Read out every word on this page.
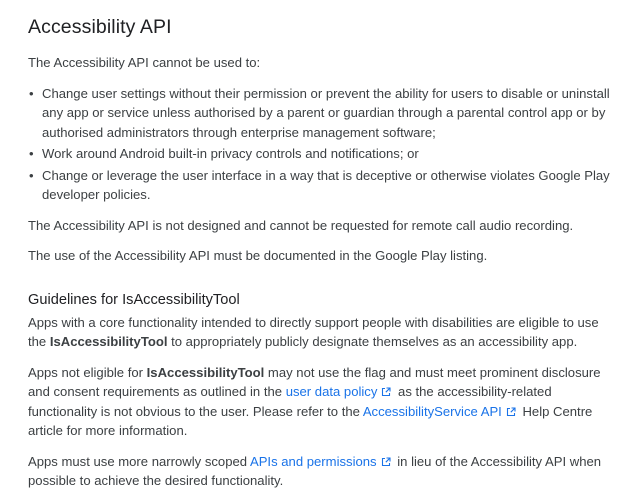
Accessibility API

The Accessibility API cannot be used to:

• Change user settings without their permission or prevent the ability for users to disable or uninstall any app or service unless authorised by a parent or guardian through a parental control app or by authorised administrators through enterprise management software;
• Work around Android built-in privacy controls and notifications; or
• Change or leverage the user interface in a way that is deceptive or otherwise violates Google Play developer policies.

The Accessibility API is not designed and cannot be requested for remote call audio recording.

The use of the Accessibility API must be documented in the Google Play listing.

Guidelines for IsAccessibilityTool

Apps with a core functionality intended to directly support people with disabilities are eligible to use the IsAccessibilityTool to appropriately publicly designate themselves as an accessibility app.

Apps not eligible for IsAccessibilityTool may not use the flag and must meet prominent disclosure and consent requirements as outlined in the user data policy
as the accessibility-related functionality is not obvious to the user. Please refer to the AccessibilityService API
Help Centre article for more information.

Apps must use more narrowly scoped APIs and permissions
in lieu of the Accessibility API when possible to achieve the desired functionality.
